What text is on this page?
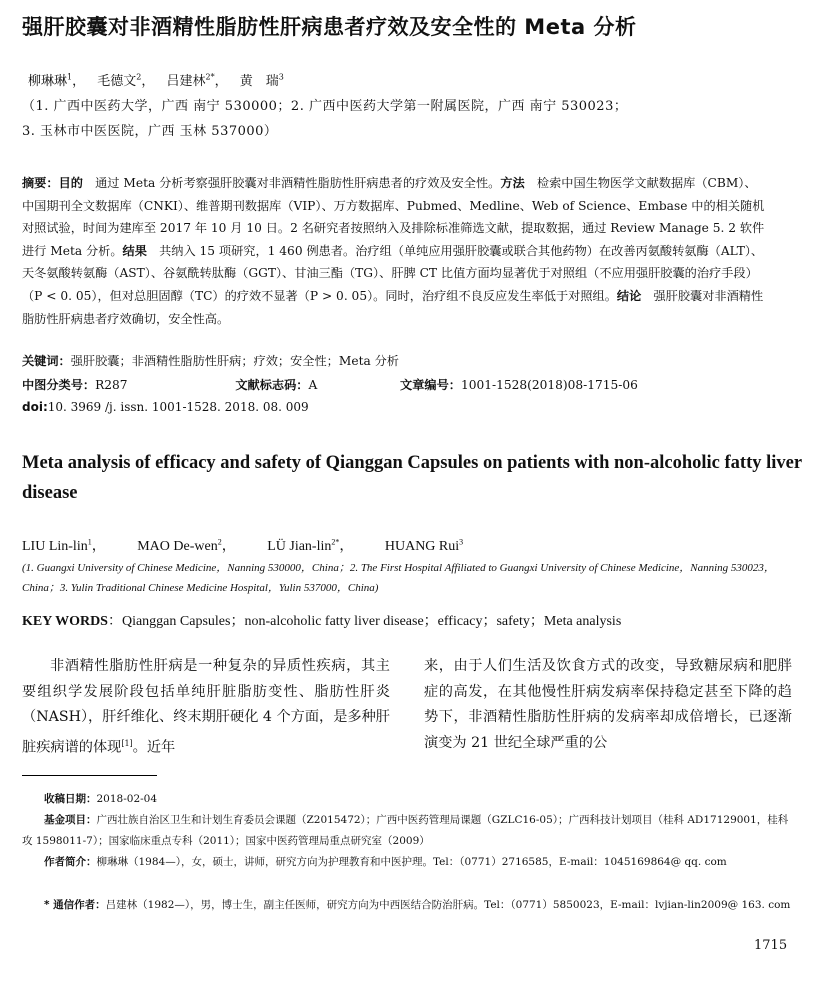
强肝胶囊对非酒精性脂肪性肝病患者疗效及安全性的 Meta 分析
柳琳琳$^1$， 毛德文$^2$， 吕建林$^{2*}$， 黄　瑞$^3$
（1. 广西中医药大学，广西 南宁 530000；2. 广西中医药大学第一附属医院，广西 南宁 530023；
3. 玉林市中医医院，广西 玉林 537000）
摘要：目的　 通过 Meta 分析考察强肝胶囊对非酒精性脂肪性肝病患者的疗效及安全性。方法　 检索中国生物医学文献数据库（CBM）、中国期刊全文数据库（CNKI）、维普期刊数据库（VIP）、万方数据库、Pubmed、Medline、Web of Science、Embase 中的相关随机对照试验，时间为建库至 2017 年 10 月 10 日。2 名研究者按照纳入及排除标准筛选文献，提取数据，通过 Review Manage 5. 2 软件进行 Meta 分析。结果　 共纳入 15 项研究，1 460 例患者。治疗组（单纯应用强肝胶囊或联合其他药物）在改善丙氨酸转氨酶（ALT）、天冬氨酸转氨酶（AST）、谷氨酰转肽酶（GGT）、甘油三酯（TG）、肝脾 CT 比值方面均显著优于对照组（不应用强肝胶囊的治疗手段）（P < 0. 05），但对总胆固醇（TC）的疗效不显著（P > 0. 05）。同时，治疗组不良反应发生率低于对照组。结论　 强肝胶囊对非酒精性脂肪性肝病患者疗效确切，安全性高。
关键词：强肝胶囊；非酒精性脂肪性肝病；疗效；安全性；Meta 分析
中图分类号：R287	文献标志码：A	文章编号：1001-1528(2018)08-1715-06
doi:10. 3969 /j. issn. 1001-1528. 2018. 08. 009
Meta analysis of efficacy and safety of Qianggan Capsules on patients with non-alcoholic fatty liver disease
LIU Lin-lin$^1$， MAO De-wen$^2$， LÜ Jian-lin$^{2*}$， HUANG Rui$^3$
(1. Guangxi University of Chinese Medicine，Nanning 530000，China；2. The First Hospital Affiliated to Guangxi University of Chinese Medicine，Nanning 530023，China；3. Yulin Traditional Chinese Medicine Hospital，Yulin 537000，China)
KEY WORDS：Qianggan Capsules；non-alcoholic fatty liver disease；efficacy；safety；Meta analysis
非酒精性脂肪性肝病是一种复杂的异质性疾病，其主要组织学发展阶段包括单纯肝脏脂肪变性、脂肪性肝炎（NASH），肝纤维化、终末期肝硬化 4 个方面，是多种肝脏疾病谱的体现[1]。近年
来，由于人们生活及饮食方式的改变，导致糖尿病和肥胖症的高发，在其他慢性肝病发病率保持稳定甚至下降的趋势下，非酒精性脂肪性肝病的发病率却成倍增长，已逐渐演变为 21 世纪全球严重的公
收稿日期：2018-02-04
基金项目：广西壮族自治区卫生和计划生育委员会课题（Z2015472）；广西中医药管理局课题（GZLC16-05）；广西科技计划项目（桂科 AD17129001，桂科攻 1598011-7）；国家临床重点专科（2011）；国家中医药管理局重点研究室（2009）
作者简介：柳琳琳（1984—），女，硕士，讲师，研究方向为护理教育和中医护理。Tel：（0771）2716585，E-mail：1045169864@ qq. com
* 通信作者：吕建林（1982—），男，博士生，副主任医师，研究方向为中西医结合防治肝病。Tel：（0771）5850023，E-mail：lvjian-lin2009@ 163. com
1715
